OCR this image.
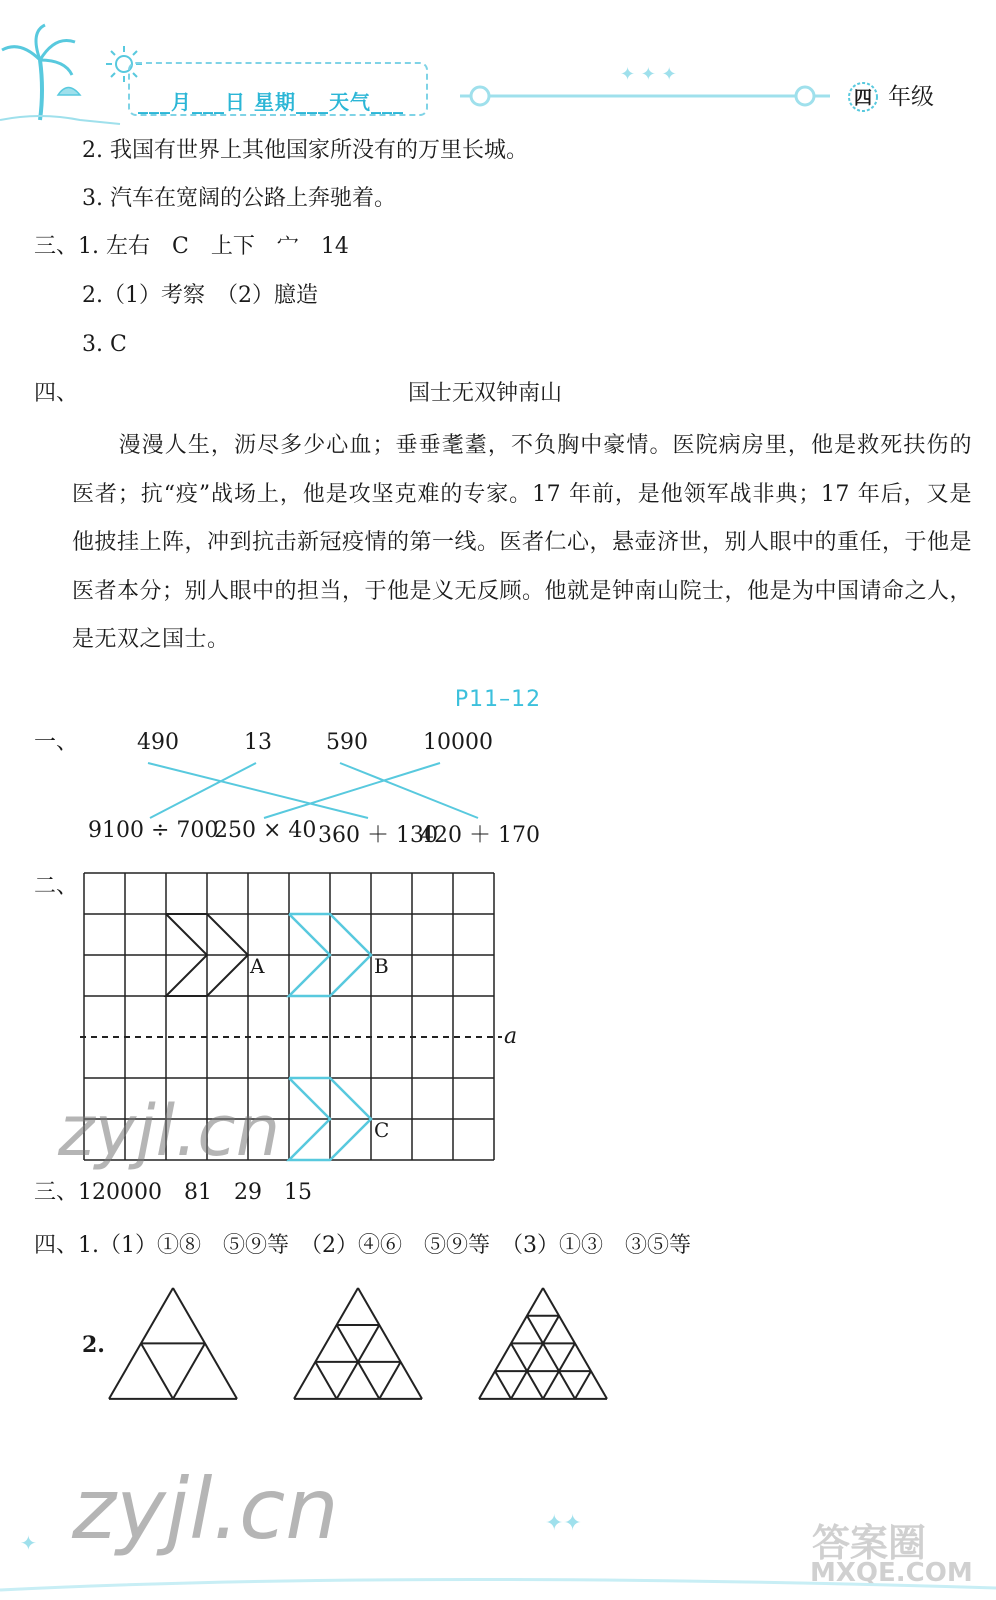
___月___日 星期___天气___
✦ ✦ ✦
四 年级
2. 我国有世界上其他国家所没有的万里长城。
3. 汽车在宽阔的公路上奔驰着。
三、1. 左右　C　上下　宀　14
2.（1）考察　（2）臆造
3. C
四、	国士无双钟南山
漫漫人生，沥尽多少心血；垂垂耄耋，不负胸中豪情。医院病房里，他是救死扶伤的医者；抗“疫”战场上，他是攻坚克难的专家。17 年前，是他领军战非典；17 年后，又是他披挂上阵，冲到抗击新冠疫情的第一线。医者仁心，悬壶济世，别人眼中的重任，于他是医者本分；别人眼中的担当，于他是义无反顾。他就是钟南山院士，他是为中国请命之人，是无双之国士。
P11–12
一、	490	13 590	10000
9100 ÷ 700
250 × 40 360 ＋ 130
420 ＋ 170
二、
A	B
C
a
zyjl.cn
三、120000　81　29　15
四、1.（1）①⑧　⑤⑨等　（2）④⑥　⑤⑨等　（3）①③　③⑤等
2.
zyjl.cn	答案圈
MXQE.COM
✦
✦✦
